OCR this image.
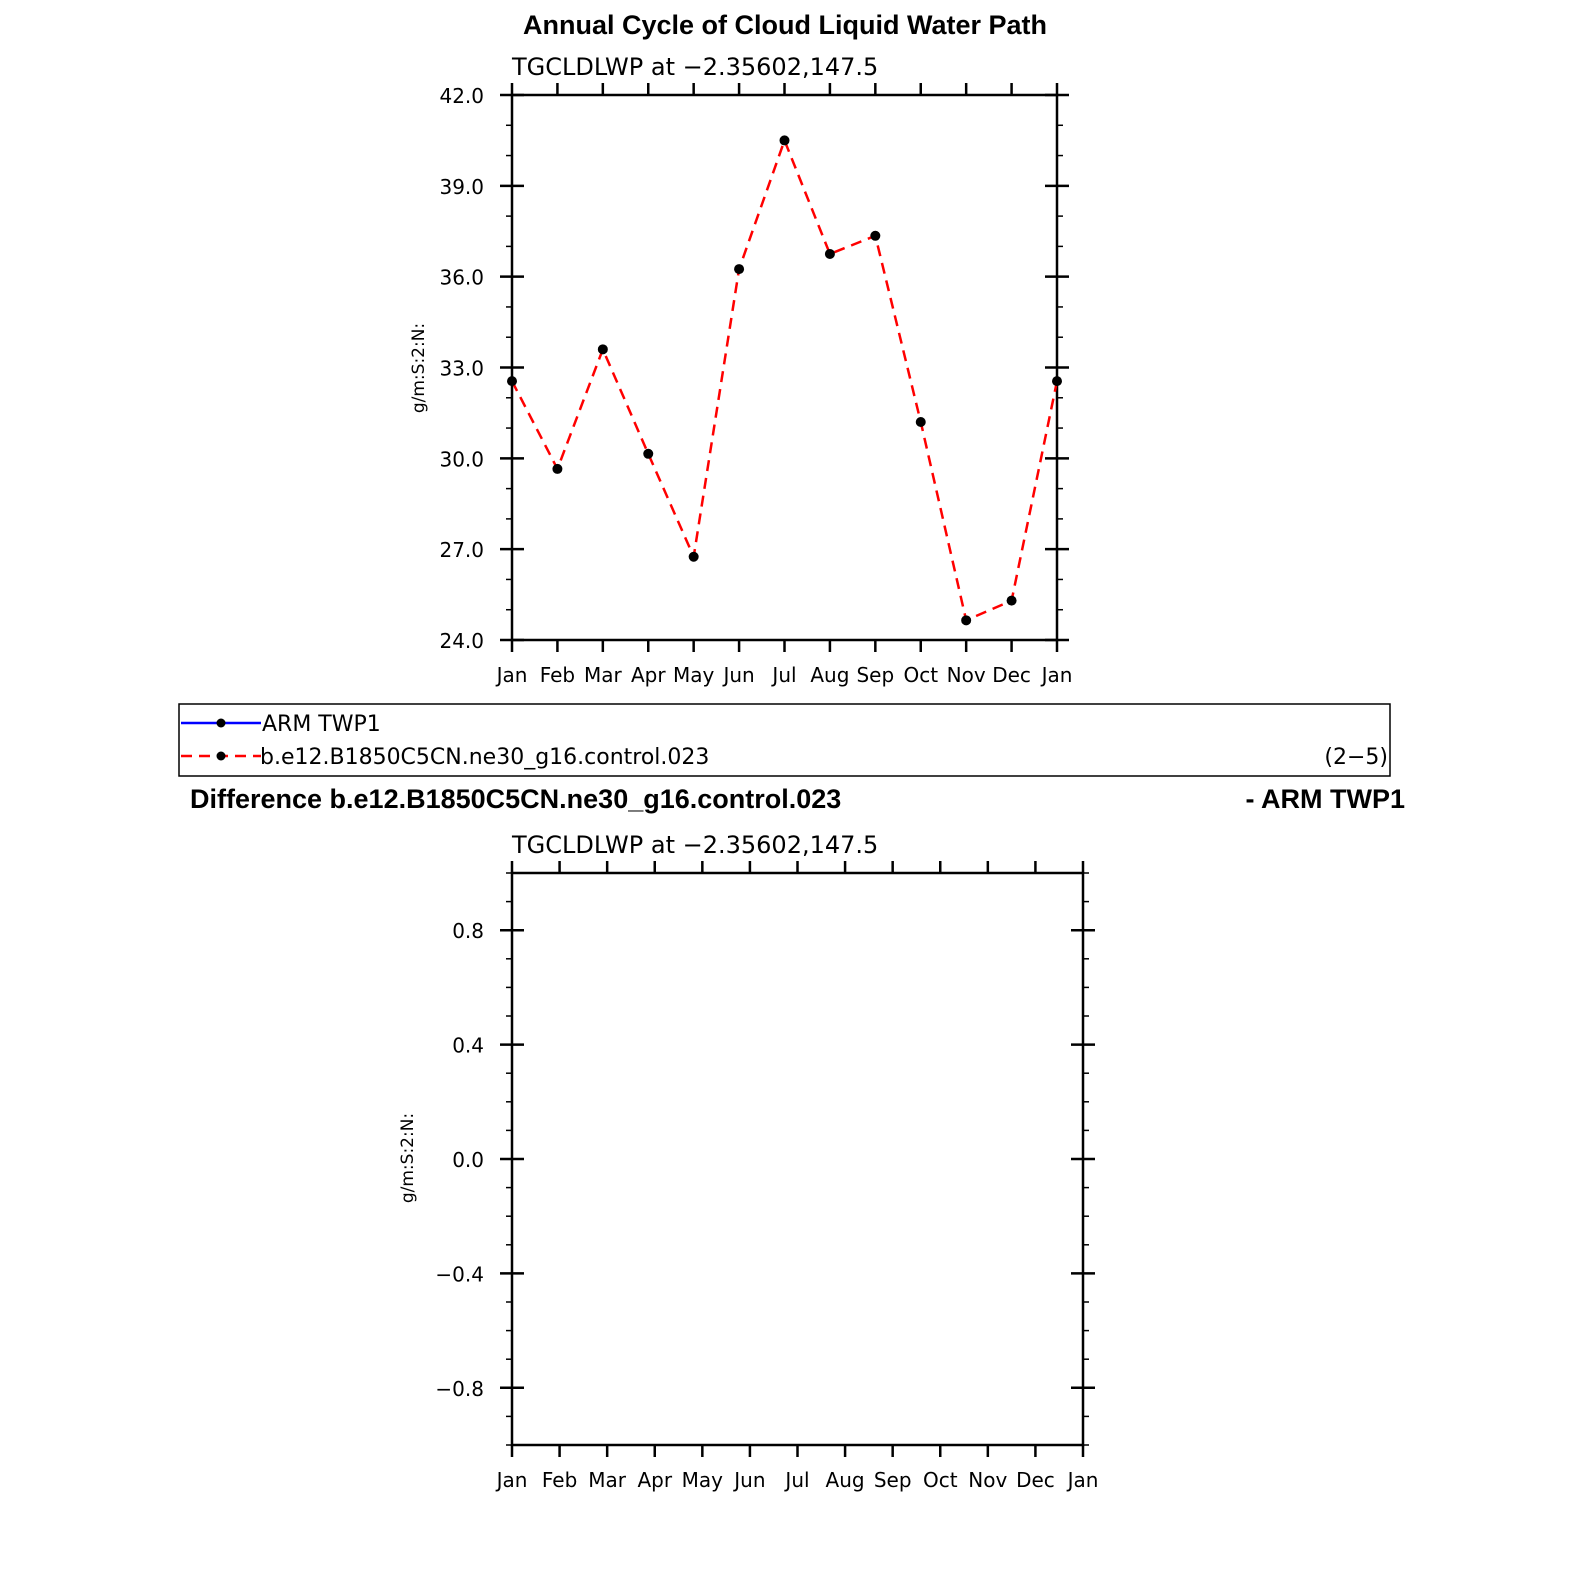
Annual Cycle of Cloud Liquid Water Path
TGCLDLWP at −2.35602,147.5
g/m:S:2:N:
Jan Feb Mar Apr May Jun Jul Aug Sep Oct Nov Dec Jan
24.0
27.0
30.0
33.0
36.0
39.0
42.0
ARM TWP1
b.e12.B1850C5CN.ne30_g16.control.023	(2−5)
Difference b.e12.B1850C5CN.ne30_g16.control.023	- ARM TWP1
TGCLDLWP at −2.35602,147.5
g/m:S:2:N:
Jan Feb Mar Apr May Jun Jul Aug Sep Oct Nov Dec Jan
−0.8
−0.4
0.0
0.4
0.8
